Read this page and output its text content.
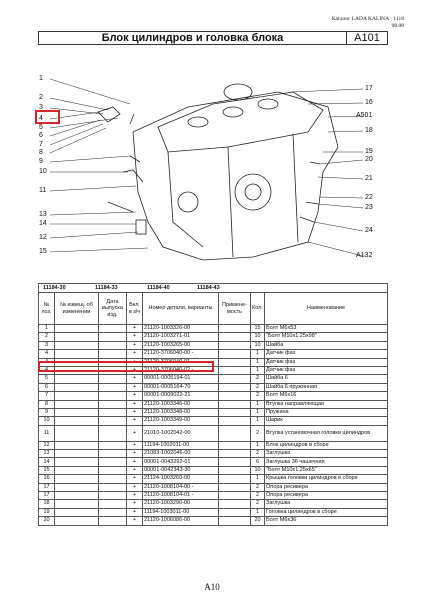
Каталог LADA KALINA · 1118
08.08
Блок цилиндров и головка блока	A101
1
2
3
4
5
6
7
8
9
10
11
13
14
12
15
17
16
A501
18
19
20
21
22
23
24
A132
11184-30	11184-33	11184-40	11184-43
№ поз.	№ извещ. об изменении	Дата выпуска изд.	Вкл. в з/ч	Номер детали, варианты	Примене- мость	Кол.	Наименование
1			+	21120-1003326-00		15	Болт M6x53
2			+	21120-1003271-01		10	"Болт M10x1,25x98"
3			+	21120-1003265-00		10	Шайба
4			+	21120-3706040-00 -		1	Датчик фаз
4			+	21120-3706040-01 -		1	Датчик фаз
4			+	21120-3706040-02 -		1	Датчик фаз
5			+	00001-0005194-01		2	Шайба 6
6			+	00001-0005164-70		2	Шайба 6 пружинная
7			+	00001-0009022-21		2	Болт M6x16
8			+	21120-1003346-00		1	Втулка направляющая
9			+	21120-1003348-00		1	Пружина
10			+	21120-1003349-00		1	Шарик
11			+	21010-1002042-00		2	Втулка установочная головки цилиндров
12			+	11194-1002011-00		1	Блок цилиндров в сборе
13			+	21083-1002046-00		2	Заглушка
14			+	00001-0043292-01		6	Заглушка 36 чашечная
15			+	00001-0042343-30		10	"Болт M10x1,25x65"
16			+	21124-1003260-00		1	Крышка головки цилиндров в сборе
17			+	21120-1008104-00 -		2	Опора ресивера
17			+	21120-1008104-01 -		2	Опора ресивера
18			+	21120-1003290-00		2	Заглушка
19			+	11194-1003011-00		1	Головка цилиндров в сборе
20			+	21120-1006086-00		20	Болт M6x36
A10
